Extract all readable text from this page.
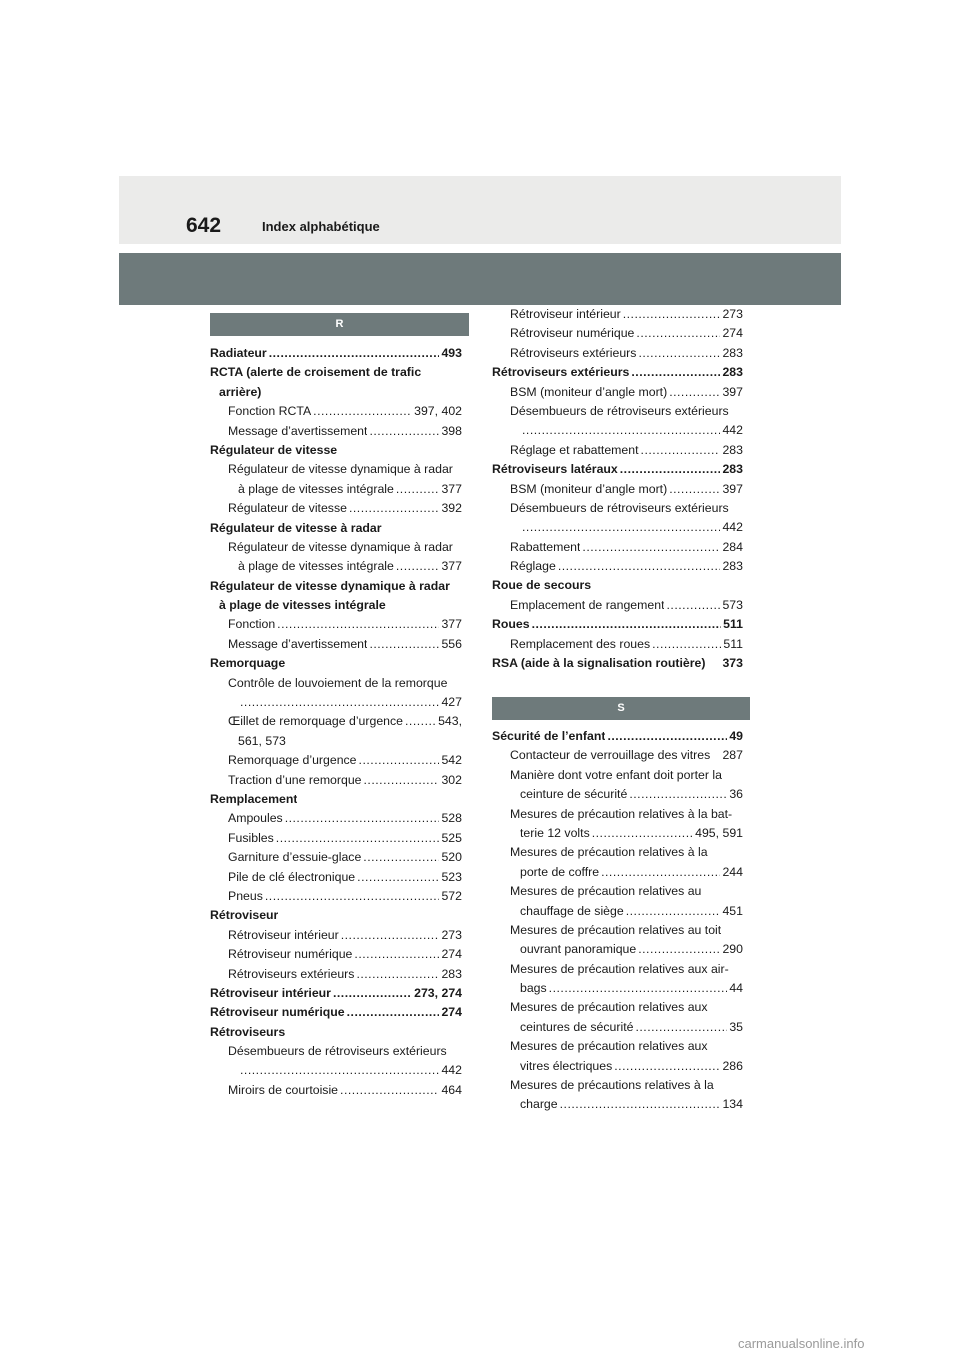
642	Index alphabétique
R
Radiateur .....	493
RCTA (alerte de croisement de trafic
arrière)
Fonction RCTA .....	397, 402
Message d’avertissement .....	398
Régulateur de vitesse
Régulateur de vitesse dynamique à radar
à plage de vitesses intégrale .....	377
Régulateur de vitesse .....	392
Régulateur de vitesse à radar
Régulateur de vitesse dynamique à radar
à plage de vitesses intégrale .....	377
Régulateur de vitesse dynamique à radar
à plage de vitesses intégrale
Fonction .....	377
Message d’avertissement .....	556
Remorquage
Contrôle de louvoiement de la remorque
.....
427
Œillet de remorquage d’urgence .....	543,
561, 573
Remorquage d’urgence .....	542
Traction d’une remorque .....	302
Remplacement
Ampoules .....	528
Fusibles .....	525
Garniture d’essuie-glace .....	520
Pile de clé électronique .....	523
Pneus .....	572
Rétroviseur
Rétroviseur intérieur .....	273
Rétroviseur numérique .....	274
Rétroviseurs extérieurs .....	283
Rétroviseur intérieur .....	273, 274
Rétroviseur numérique .....	274
Rétroviseurs
Désembueurs de rétroviseurs extérieurs
.....
442
Miroirs de courtoisie .....	464
Rétroviseur intérieur .....	273
Rétroviseur numérique .....	274
Rétroviseurs extérieurs .....	283
Rétroviseurs extérieurs .....	283
BSM (moniteur d’angle mort) .....	397
Désembueurs de rétroviseurs extérieurs
.....
442
Réglage et rabattement .....	283
Rétroviseurs latéraux .....	283
BSM (moniteur d’angle mort) .....	397
Désembueurs de rétroviseurs extérieurs
.....
442
Rabattement .....	284
Réglage .....	283
Roue de secours
Emplacement de rangement .....	573
Roues .....	511
Remplacement des roues .....	511
RSA (aide à la signalisation routière) 373
S
Sécurité de l’enfant .....	49
Contacteur de verrouillage des vitres 287
Manière dont votre enfant doit porter la
ceinture de sécurité .....	36
Mesures de précaution relatives à la bat-
terie 12 volts .....	495, 591
Mesures de précaution relatives à la
porte de coffre .....	244
Mesures de précaution relatives au
chauffage de siège .....	451
Mesures de précaution relatives au toit
ouvrant panoramique .....	290
Mesures de précaution relatives aux air-
bags .....	44
Mesures de précaution relatives aux
ceintures de sécurité .....	35
Mesures de précaution relatives aux
vitres électriques .....	286
Mesures de précautions relatives à la
charge .....	134
carmanualsonline.info
